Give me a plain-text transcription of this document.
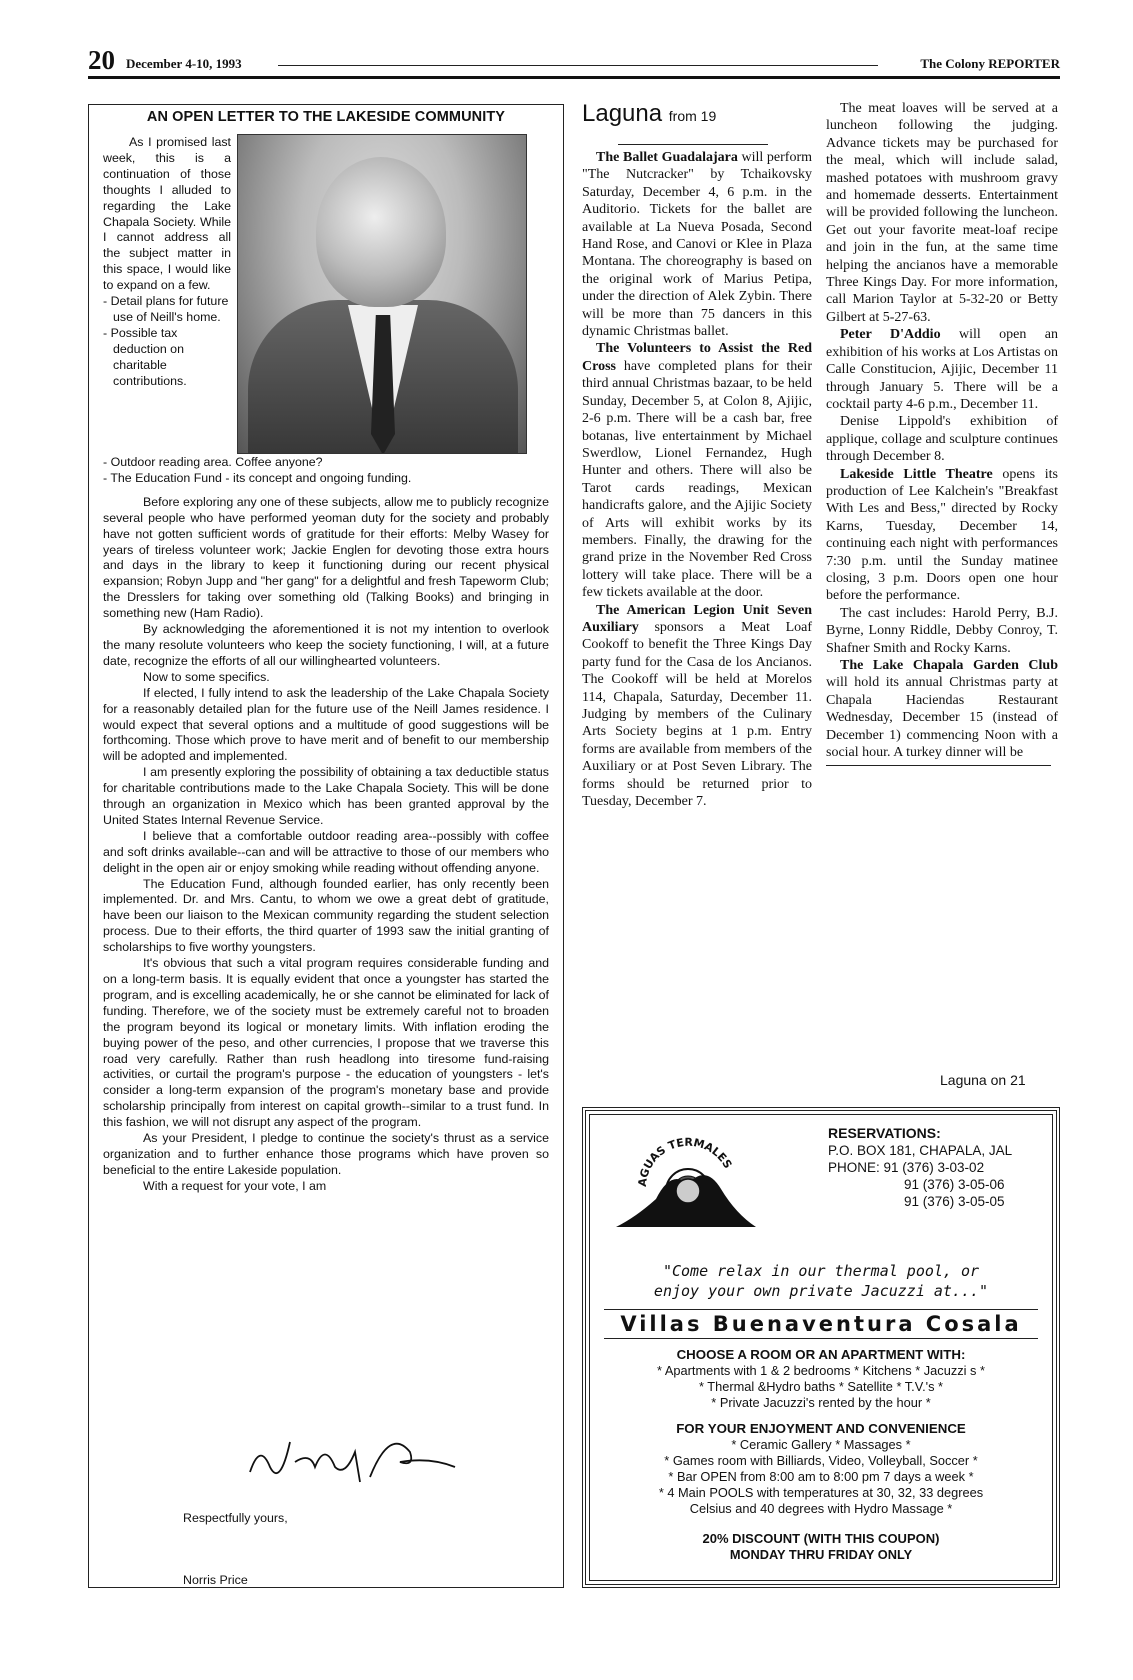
20 December 4-10, 1993	The Colony REPORTER
AN OPEN LETTER TO THE LAKESIDE COMMUNITY

As I promised last week, this is a continuation of those thoughts I alluded to regarding the Lake Chapala Society. While I cannot address all the subject matter in this space, I would like to expand on a few.

- Detail plans for future use of Neill's home.

- Possible tax deduction on charitable contributions.

- Outdoor reading area. Coffee anyone?

- The Education Fund - its concept and ongoing funding.

Before exploring any one of these subjects, allow me to publicly recognize several people who have performed yeoman duty for the society and probably have not gotten sufficient words of gratitude for their efforts: Melby Wasey for years of tireless volunteer work; Jackie Englen for devoting those extra hours and days in the library to keep it functioning during our recent physical expansion; Robyn Jupp and "her gang" for a delightful and fresh Tapeworm Club; the Dresslers for taking over something old (Talking Books) and bringing in something new (Ham Radio).

By acknowledging the aforementioned it is not my intention to overlook the many resolute volunteers who keep the society functioning, I will, at a future date, recognize the efforts of all our willinghearted volunteers.

Now to some specifics.

If elected, I fully intend to ask the leadership of the Lake Chapala Society for a reasonably detailed plan for the future use of the Neill James residence. I would expect that several options and a multitude of good suggestions will be forthcoming. Those which prove to have merit and of benefit to our membership will be adopted and implemented.

I am presently exploring the possibility of obtaining a tax deductible status for charitable contributions made to the Lake Chapala Society. This will be done through an organization in Mexico which has been granted approval by the United States Internal Revenue Service.

I believe that a comfortable outdoor reading area--possibly with coffee and soft drinks available--can and will be attractive to those of our members who delight in the open air or enjoy smoking while reading without offending anyone.

The Education Fund, although founded earlier, has only recently been implemented. Dr. and Mrs. Cantu, to whom we owe a great debt of gratitude, have been our liaison to the Mexican community regarding the student selection process. Due to their efforts, the third quarter of 1993 saw the initial granting of scholarships to five worthy youngsters.

It's obvious that such a vital program requires considerable funding and on a long-term basis. It is equally evident that once a youngster has started the program, and is excelling academically, he or she cannot be eliminated for lack of funding. Therefore, we of the society must be extremely careful not to broaden the program beyond its logical or monetary limits. With inflation eroding the buying power of the peso, and other currencies, I propose that we traverse this road very carefully. Rather than rush headlong into tiresome fund-raising activities, or curtail the program's purpose - the education of youngsters - let's consider a long-term expansion of the program's monetary base and provide scholarship principally from interest on capital growth--similar to a trust fund. In this fashion, we will not disrupt any aspect of the program.

As your President, I pledge to continue the society's thrust as a service organization and to further enhance those programs which have proven so beneficial to the entire Lakeside population.

With a request for your vote, I am

Respectfully yours,
Norris Price
Laguna from 19

The Ballet Guadalajara will perform "The Nutcracker" by Tchaikovsky Saturday, December 4, 6 p.m. in the Auditorio. Tickets for the ballet are available at La Nueva Posada, Second Hand Rose, and Canovi or Klee in Plaza Montana. The choreography is based on the original work of Marius Petipa, under the direction of Alek Zybin. There will be more than 75 dancers in this dynamic Christmas ballet.

The Volunteers to Assist the Red Cross have completed plans for their third annual Christmas bazaar, to be held Sunday, December 5, at Colon 8, Ajijic, 2-6 p.m. There will be a cash bar, free botanas, live entertainment by Michael Swerdlow, Lionel Fernandez, Hugh Hunter and others. There will also be Tarot cards readings, Mexican handicrafts galore, and the Ajijic Society of Arts will exhibit works by its members. Finally, the drawing for the grand prize in the November Red Cross lottery will take place. There will be a few tickets available at the door.

The American Legion Unit Seven Auxiliary sponsors a Meat Loaf Cookoff to benefit the Three Kings Day party fund for the Casa de los Ancianos. The Cookoff will be held at Morelos 114, Chapala, Saturday, December 11. Judging by members of the Culinary Arts Society begins at 1 p.m. Entry forms are available from members of the Auxiliary or at Post Seven Library. The forms should be returned prior to Tuesday, December 7.

The meat loaves will be served at a luncheon following the judging. Advance tickets may be purchased for the meal, which will include salad, mashed potatoes with mushroom gravy and homemade desserts. Entertainment will be provided following the luncheon. Get out your favorite meat-loaf recipe and join in the fun, at the same time helping the ancianos have a memorable Three Kings Day. For more information, call Marion Taylor at 5-32-20 or Betty Gilbert at 5-27-63.

Peter D'Addio will open an exhibition of his works at Los Artistas on Calle Constitucion, Ajijic, December 11 through January 5. There will be a cocktail party 4-6 p.m., December 11.

Denise Lippold's exhibition of applique, collage and sculpture continues through December 8.

Lakeside Little Theatre opens its production of Lee Kalchein's "Breakfast With Les and Bess," directed by Rocky Karns, Tuesday, December 14, continuing each night with performances 7:30 p.m. until the Sunday matinee closing, 3 p.m. Doors open one hour before the performance.

The cast includes: Harold Perry, B.J. Byrne, Lonny Riddle, Debby Conroy, T. Shafner Smith and Rocky Karns.

The Lake Chapala Garden Club will hold its annual Christmas party at Chapala Haciendas Restaurant Wednesday, December 15 (instead of December 1) commencing Noon with a social hour. A turkey dinner will be

Laguna on 21
AGUAS TERMALES
RESERVATIONS:
P.O. BOX 181, CHAPALA, JAL
PHONE: 91 (376) 3-03-02
91 (376) 3-05-06
91 (376) 3-05-05
"Come relax in our thermal pool, or
enjoy your own private Jacuzzi at..."
Villas Buenaventura Cosala
CHOOSE A ROOM OR AN APARTMENT WITH:
* Apartments with 1 & 2 bedrooms * Kitchens * Jacuzzi s *
* Thermal &Hydro baths * Satellite * T.V.'s *
* Private Jacuzzi's rented by the hour *
FOR YOUR ENJOYMENT AND CONVENIENCE
* Ceramic Gallery * Massages *
* Games room with Billiards, Video, Volleyball, Soccer *
* Bar OPEN from 8:00 am to 8:00 pm 7 days a week *
* 4 Main POOLS with temperatures at 30, 32, 33 degrees
Celsius and 40 degrees with Hydro Massage *
20% DISCOUNT (WITH THIS COUPON)
MONDAY THRU FRIDAY ONLY
